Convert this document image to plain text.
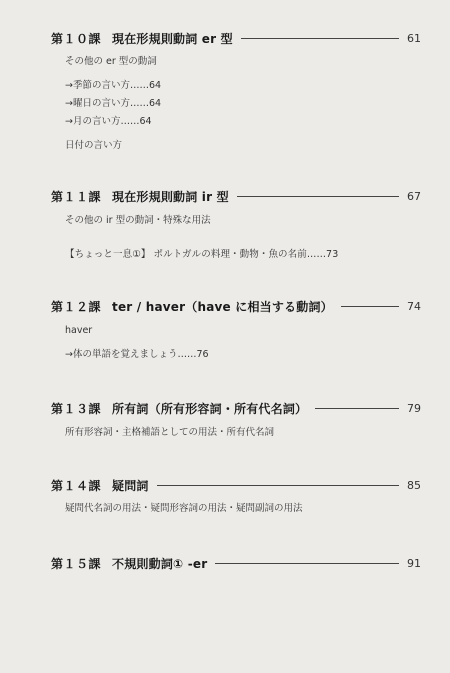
第１０課 現在形規則動詞 er 型	61
その他の er 型の動詞
→季節の言い方……64
→曜日の言い方……64
→月の言い方……64
日付の言い方
第１１課 現在形規則動詞 ir 型	67
その他の ir 型の動詞・特殊な用法
【ちょっと一息①】 ポルトガルの料理・動物・魚の名前……73
第１２課 ter / haver（have に相当する動詞）	74
haver
→体の単語を覚えましょう……76
第１３課 所有詞（所有形容詞・所有代名詞）	79
所有形容詞・主格補語としての用法・所有代名詞
第１４課 疑問詞	85
疑問代名詞の用法・疑問形容詞の用法・疑問副詞の用法
第１５課 不規則動詞① -er	91
